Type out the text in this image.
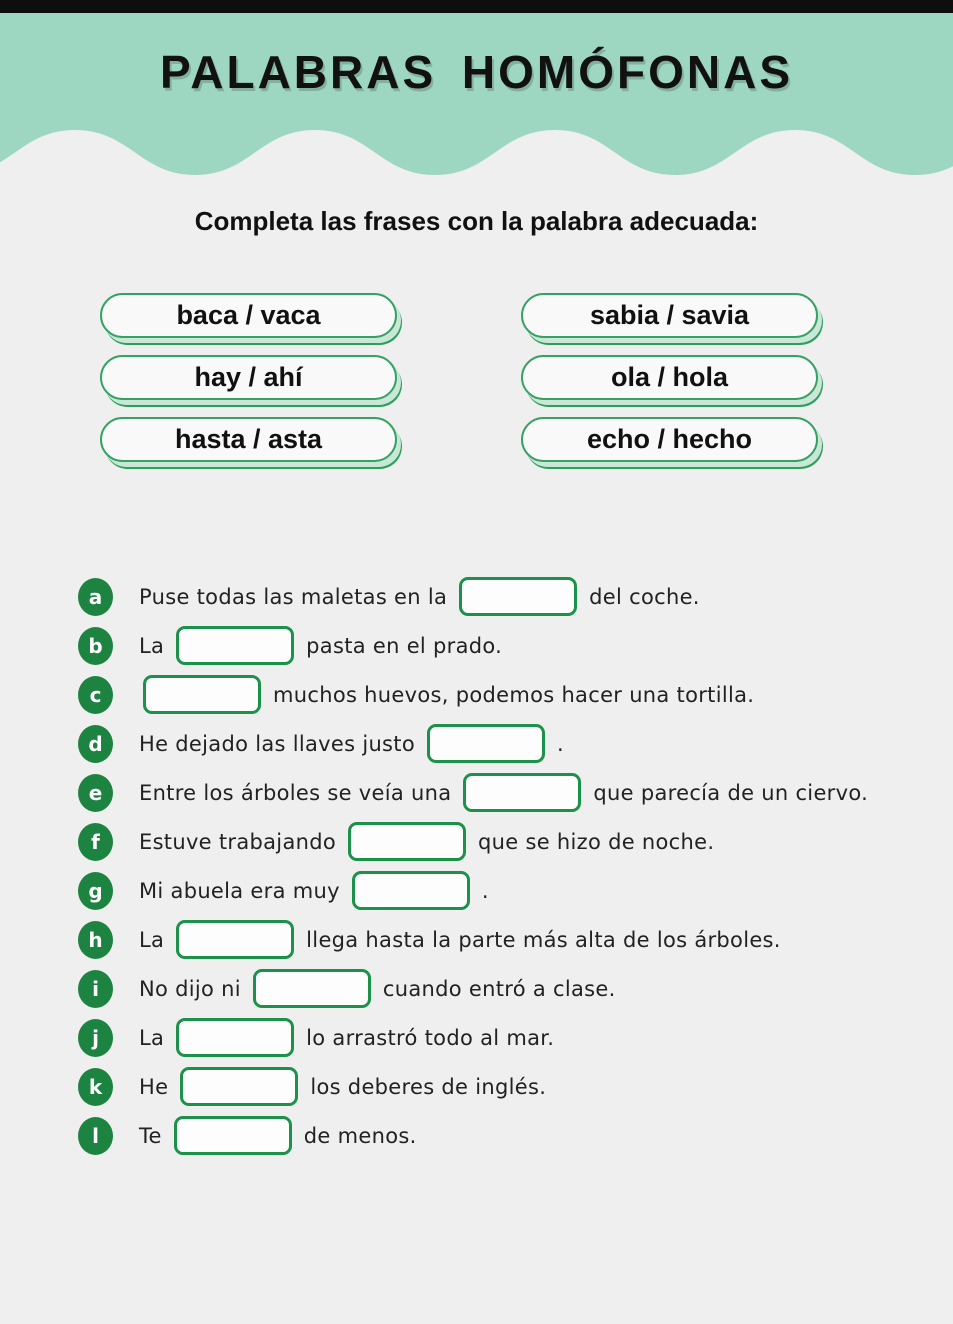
PALABRAS HOMÓFONAS
Completa las frases con la palabra adecuada:
baca / vaca
hay / ahí
hasta / asta
sabia / savia
ola / hola
echo / hecho
a	Puse todas las maletas en la	del coche.
b	La	pasta en el prado.
c	muchos huevos, podemos hacer una tortilla.
d	He dejado las llaves justo	.
e	Entre los árboles se veía una	que parecía de un ciervo.
f	Estuve trabajando	que se hizo de noche.
g	Mi abuela era muy	.
h	La	llega hasta la parte más alta de los árboles.
i	No dijo ni	cuando entró a clase.
j	La	lo arrastró todo al mar.
k	He	los deberes de inglés.
l	Te	de menos.
